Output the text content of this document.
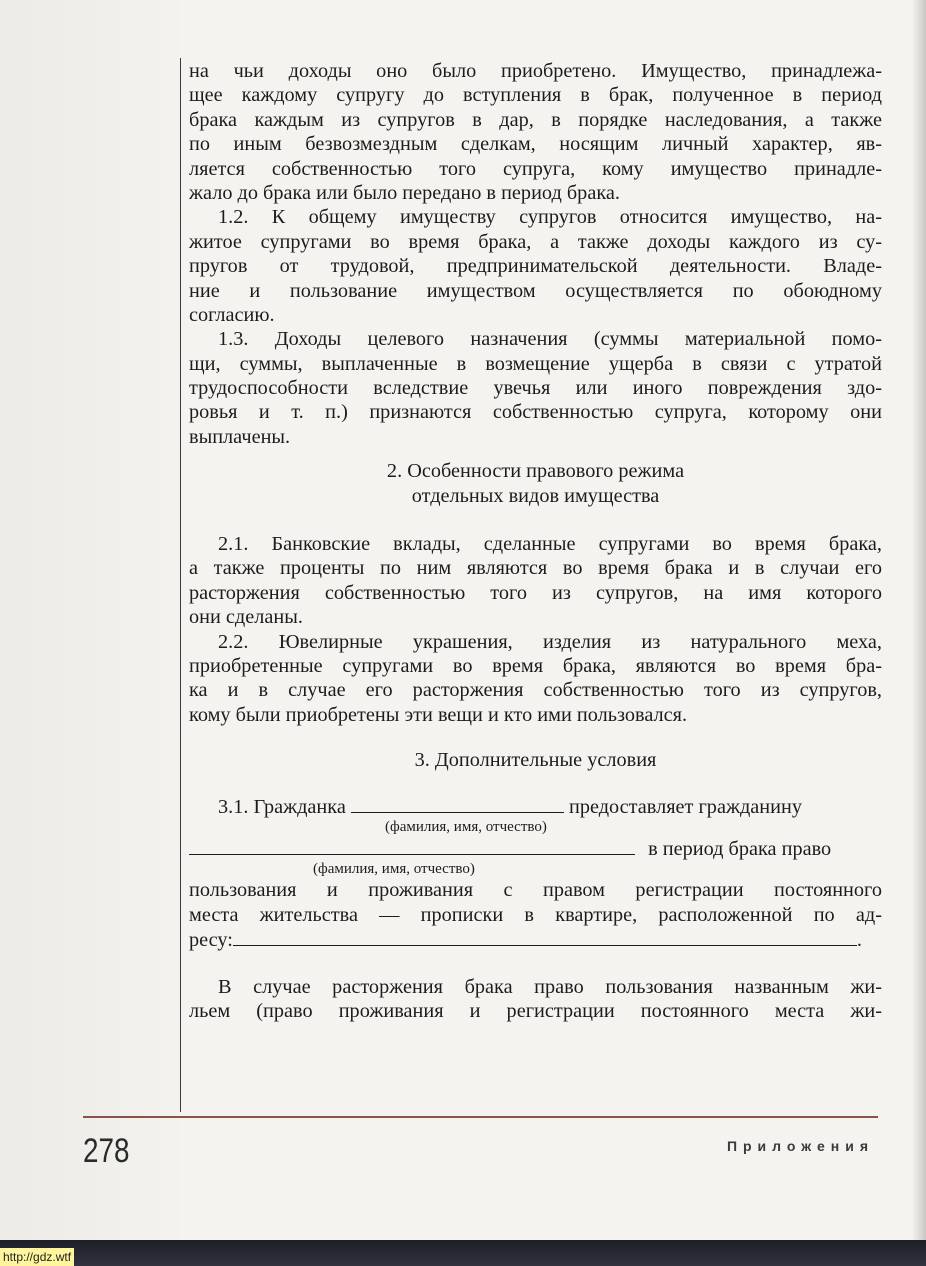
на чьи доходы оно было приобретено. Имущество, принадлежа-
щее каждому супругу до вступления в брак, полученное в период
брака каждым из супругов в дар, в порядке наследования, а также
по иным безвозмездным сделкам, носящим личный характер, яв-
ляется собственностью того супруга, кому имущество принадле-
жало до брака или было передано в период брака.
1.2. К общему имуществу супругов относится имущество, на-
житое супругами во время брака, а также доходы каждого из су-
пругов от трудовой, предпринимательской деятельности. Владе-
ние и пользование имуществом осуществляется по обоюдному
согласию.
1.3. Доходы целевого назначения (суммы материальной помо-
щи, суммы, выплаченные в возмещение ущерба в связи с утратой
трудоспособности вследствие увечья или иного повреждения здо-
ровья и т. п.) признаются собственностью супруга, которому они
выплачены.
2. Особенности правового режима
отдельных видов имущества
2.1. Банковские вклады, сделанные супругами во время брака,
а также проценты по ним являются во время брака и в случаи его
расторжения собственностью того из супругов, на имя которого
они сделаны.
2.2. Ювелирные украшения, изделия из натурального меха,
приобретенные супругами во время брака, являются во время бра-
ка и в случае его расторжения собственностью того из супругов,
кому были приобретены эти вещи и кто ими пользовался.
3. Дополнительные условия
3.1. Гражданка	предоставляет гражданину
(фамилия, имя, отчество)
в период брака право
(фамилия, имя, отчество)
пользования и проживания с правом регистрации постоянного
места жительства — прописки в квартире, расположенной по ад-
ресу:	.
В случае расторжения брака право пользования названным жи-
льем (право проживания и регистрации постоянного места жи-
278	Приложения
http://gdz.wtf
